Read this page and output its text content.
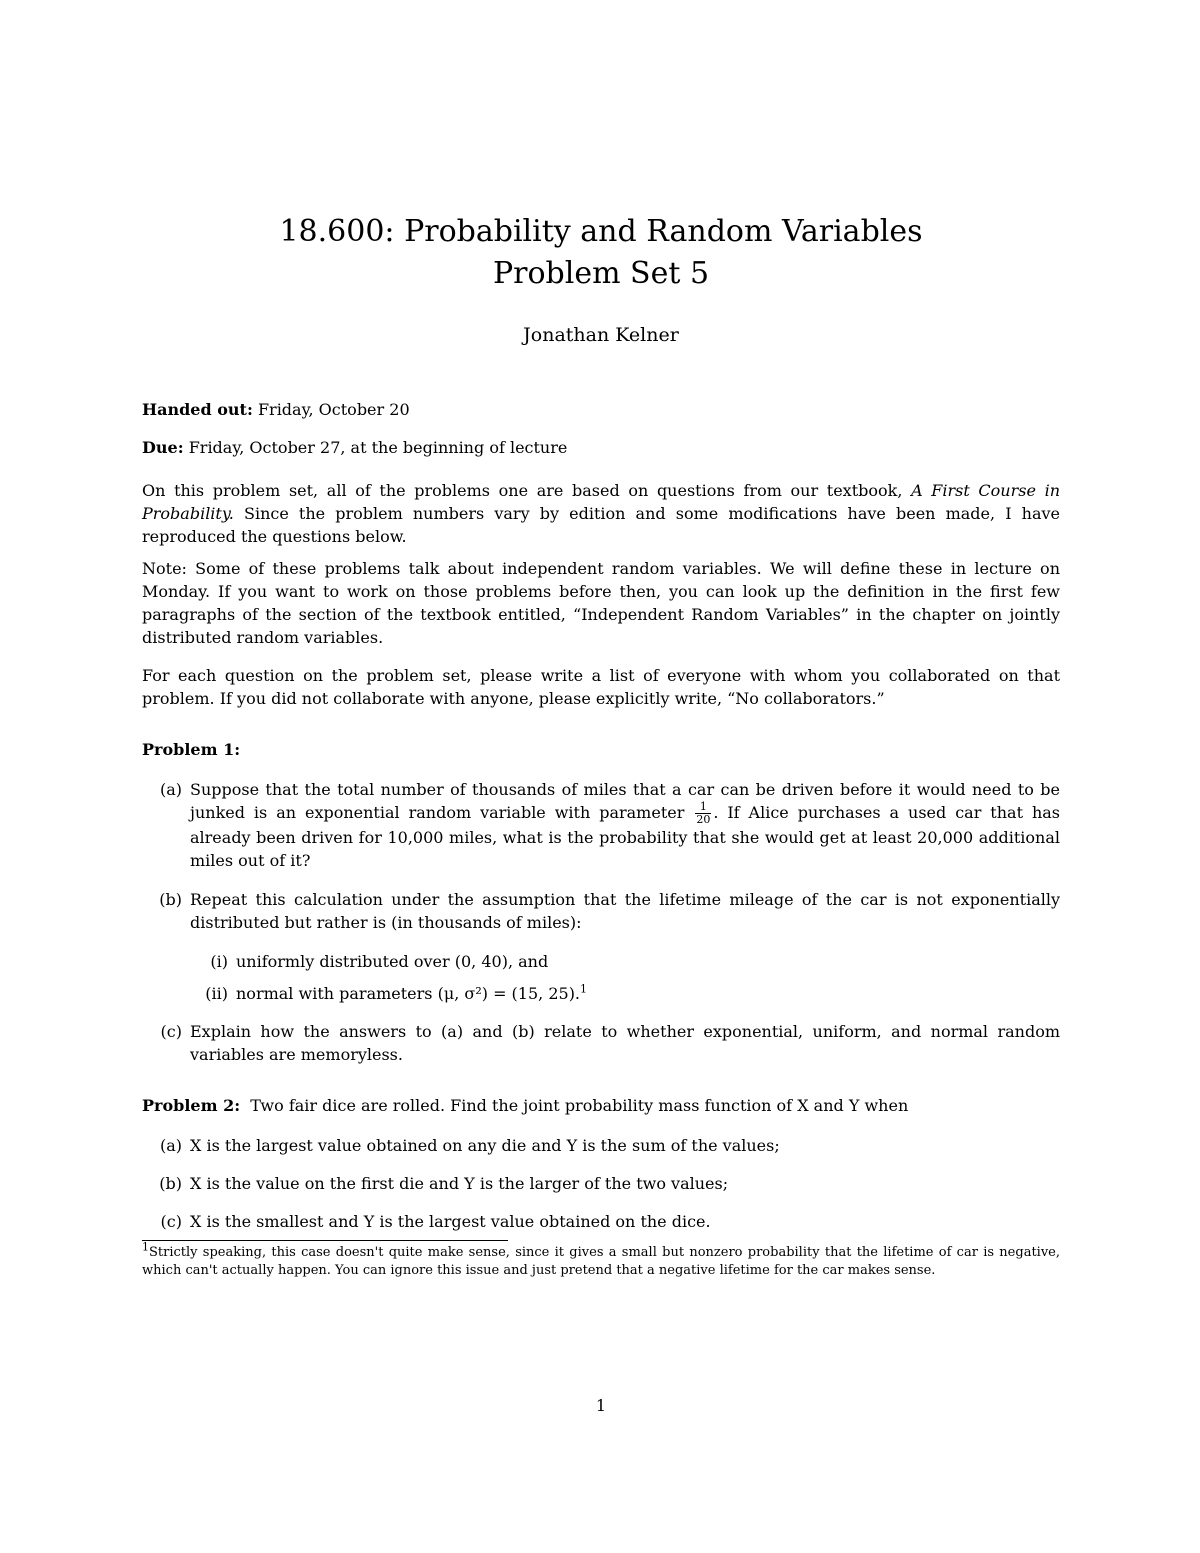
18.600: Probability and Random Variables
Problem Set 5
Jonathan Kelner
Handed out: Friday, October 20
Due: Friday, October 27, at the beginning of lecture
On this problem set, all of the problems one are based on questions from our textbook, A First Course in Probability. Since the problem numbers vary by edition and some modifications have been made, I have reproduced the questions below.
Note: Some of these problems talk about independent random variables. We will define these in lecture on Monday. If you want to work on those problems before then, you can look up the definition in the first few paragraphs of the section of the textbook entitled, “Independent Random Variables” in the chapter on jointly distributed random variables.
For each question on the problem set, please write a list of everyone with whom you collaborated on that problem. If you did not collaborate with anyone, please explicitly write, “No collaborators.”
Problem 1:
(a) Suppose that the total number of thousands of miles that a car can be driven before it would need to be junked is an exponential random variable with parameter $\frac{1}{20}$ . If Alice purchases a used car that has already been driven for 10,000 miles, what is the probability that she would get at least 20,000 additional miles out of it?
(b) Repeat this calculation under the assumption that the lifetime mileage of the car is not exponentially distributed but rather is (in thousands of miles):
(i) uniformly distributed over (0, 40), and
(ii) normal with parameters (μ, σ²) = (15, 25).$^1$
(c) Explain how the answers to (a) and (b) relate to whether exponential, uniform, and normal random variables are memoryless.
Problem 2: Two fair dice are rolled. Find the joint probability mass function of X and Y when
(a) X is the largest value obtained on any die and Y is the sum of the values;
(b) X is the value on the first die and Y is the larger of the two values;
(c) X is the smallest and Y is the largest value obtained on the dice.
$^1$Strictly speaking, this case doesn't quite make sense, since it gives a small but nonzero probability that the lifetime of car is negative, which can't actually happen. You can ignore this issue and just pretend that a negative lifetime for the car makes sense.
1
